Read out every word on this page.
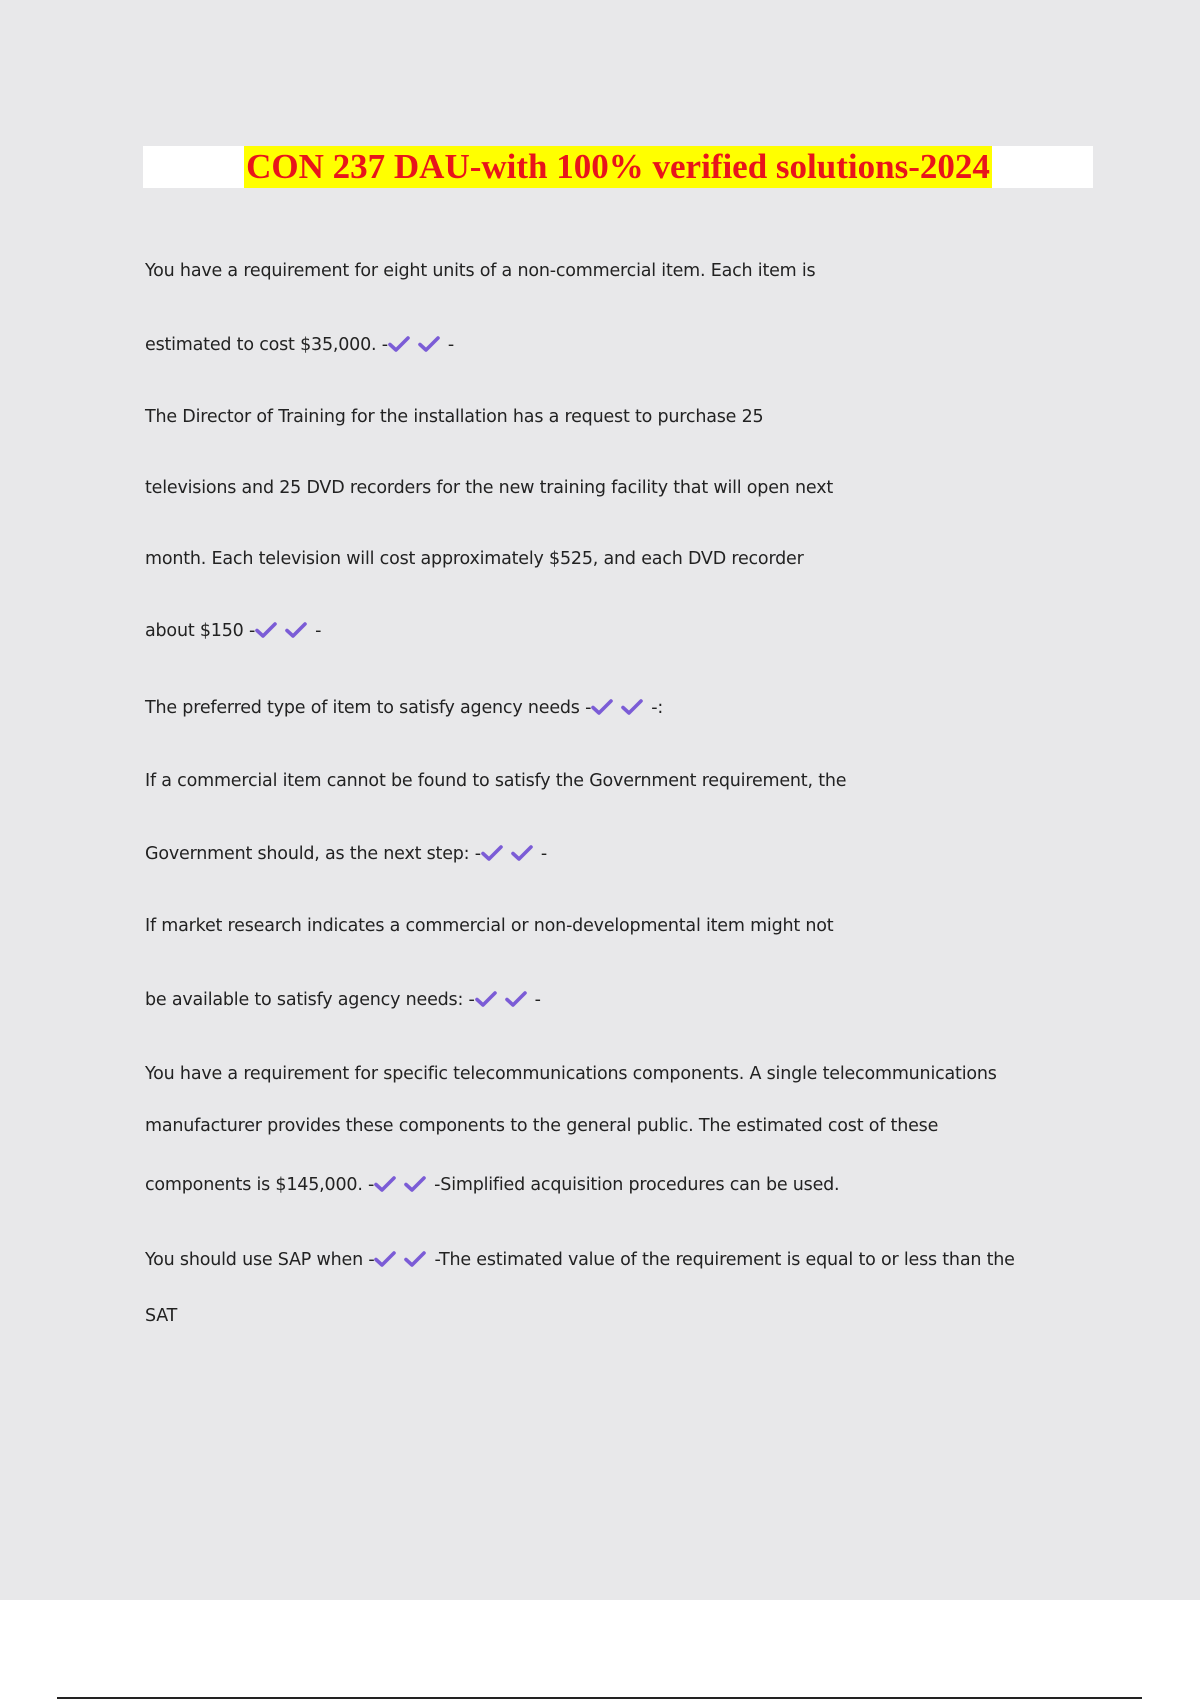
CON 237 DAU-with 100% verified solutions-2024
You have a requirement for eight units of a non-commercial item. Each item is
estimated to cost $35,000. -	-
The Director of Training for the installation has a request to purchase 25
televisions and 25 DVD recorders for the new training facility that will open next
month. Each television will cost approximately $525, and each DVD recorder
about $150 -	-
The preferred type of item to satisfy agency needs -	-:
If a commercial item cannot be found to satisfy the Government requirement, the
Government should, as the next step: -	-
If market research indicates a commercial or non-developmental item might not
be available to satisfy agency needs: -	-
You have a requirement for specific telecommunications components. A single telecommunications
manufacturer provides these components to the general public. The estimated cost of these
components is $145,000. -	-Simplified acquisition procedures can be used.
You should use SAP when -	-The estimated value of the requirement is equal to or less than the
SAT
